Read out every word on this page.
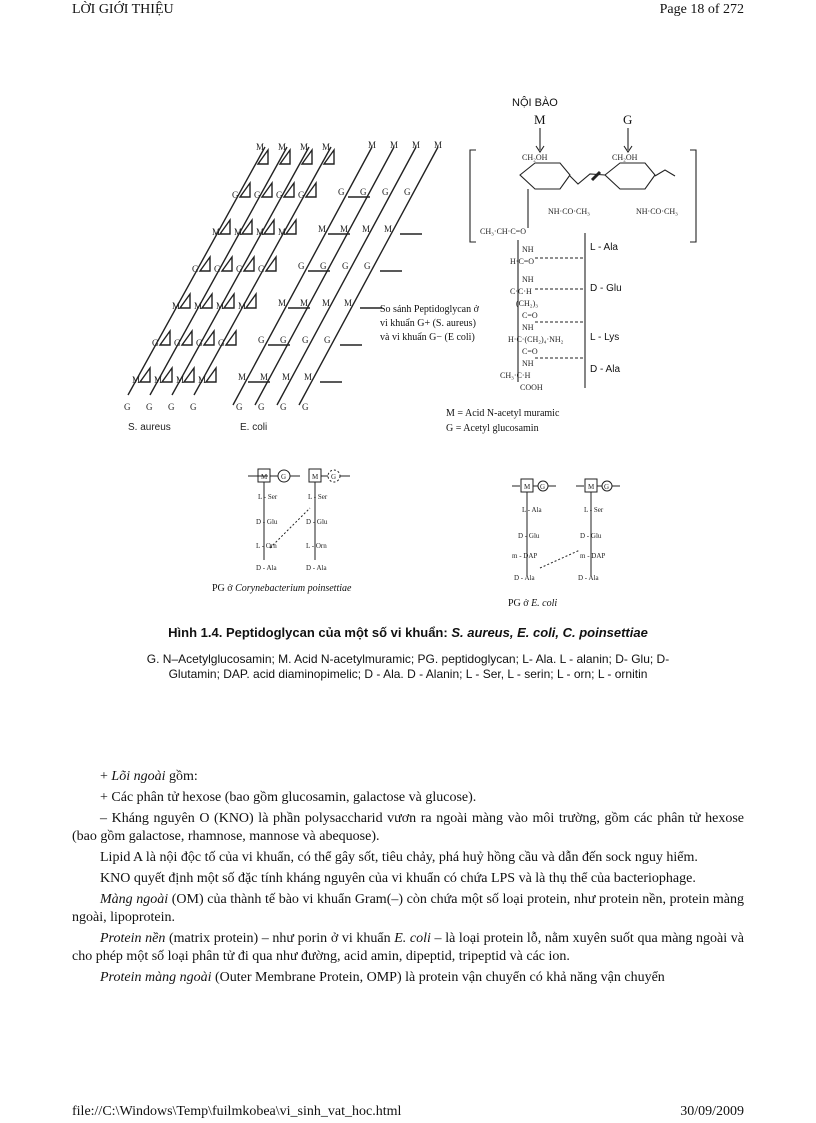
LỜI GIỚI THIỆU	Page 18 of 272
G G G G	G G G G
M M M M	M M M M
G G G G	G G G G
M M M M	M M M M
G G G G	G G G G
M M M M	M M M M
G G G G	G G G G
M M M M	M M M M
S. aureus	E. coli
So sánh Peptidoglycan ở
vi khuẩn G+ (S. aureus)
và vi khuẩn G− (E coli)
CH₂OH	CH₂OH
NH·CO·CH₃	NH·CO·CH₃
CH₃·CH·C=O
NH
H·C=O
NH
C·C·H
(CH₂)₃
C=O
NH
H·C·(CH₂)₄·NH₂
C=O
NH
CH₃·C·H
COOH
NỘI BÀO
M	G
L - Ala
D - Glu
L - Lys
D - Ala
M = Acid N-acetyl muramic
G = Acetyl glucosamin
M	M
G	G
L - Ser	L - Ser
D - Glu	D - Glu
L - Orn	L - Orn
D - Ala	D - Ala
PG ở Corynebacterium poinsettiae
M	M
G	G
L - Ala	L - Ser
D - Glu	D - Glu
m - DAP	m - DAP
D - Ala	D - Ala
PG ở E. coli
Hình 1.4. Peptidoglycan của một số vi khuẩn: S. aureus, E. coli, C. poinsettiae
G. N–Acetylglucosamin; M. Acid N-acetylmuramic; PG. peptidoglycan; L- Ala. L - alanin; D- Glu; D- Glutamin; DAP. acid diaminopimelic; D - Ala. D - Alanin; L - Ser, L - serin; L - orn; L - ornitin

+ Lõi ngoài gồm:

+ Các phân tử hexose (bao gồm glucosamin, galactose và glucose).

– Kháng nguyên O (KNO) là phần polysaccharid vươn ra ngoài màng vào môi trường, gồm các phân tử hexose (bao gồm galactose, rhamnose, mannose và abequose).

Lipid A là nội độc tố của vi khuẩn, có thể gây sốt, tiêu chảy, phá huỷ hồng cầu và dẫn đến sock nguy hiểm.

KNO quyết định một số đặc tính kháng nguyên của vi khuẩn có chứa LPS và là thụ thể của bacteriophage.

Màng ngoài (OM) của thành tế bào vi khuẩn Gram(–) còn chứa một số loại protein, như protein nền, protein màng ngoài, lipoprotein.

Protein nền (matrix protein) – như porin ở vi khuẩn E. coli – là loại protein lỗ, nằm xuyên suốt qua màng ngoài và cho phép một số loại phân tử đi qua như đường, acid amin, dipeptid, tripeptid và các ion.

Protein màng ngoài (Outer Membrane Protein, OMP) là protein vận chuyển có khả năng vận chuyển

file://C:\Windows\Temp\fuilmkobea\vi_sinh_vat_hoc.html	30/09/2009
